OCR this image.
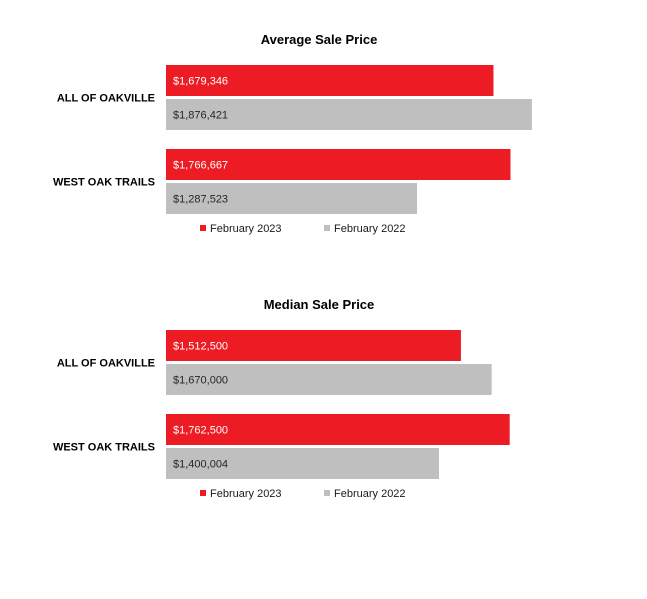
Average Sale Price
ALL OF OAKVILLE
$1,679,346
$1,876,421
WEST OAK TRAILS
$1,766,667
$1,287,523
February 2023	February 2022
Median Sale Price
ALL OF OAKVILLE
$1,512,500
$1,670,000
WEST OAK TRAILS
$1,762,500
$1,400,004
February 2023	February 2022
